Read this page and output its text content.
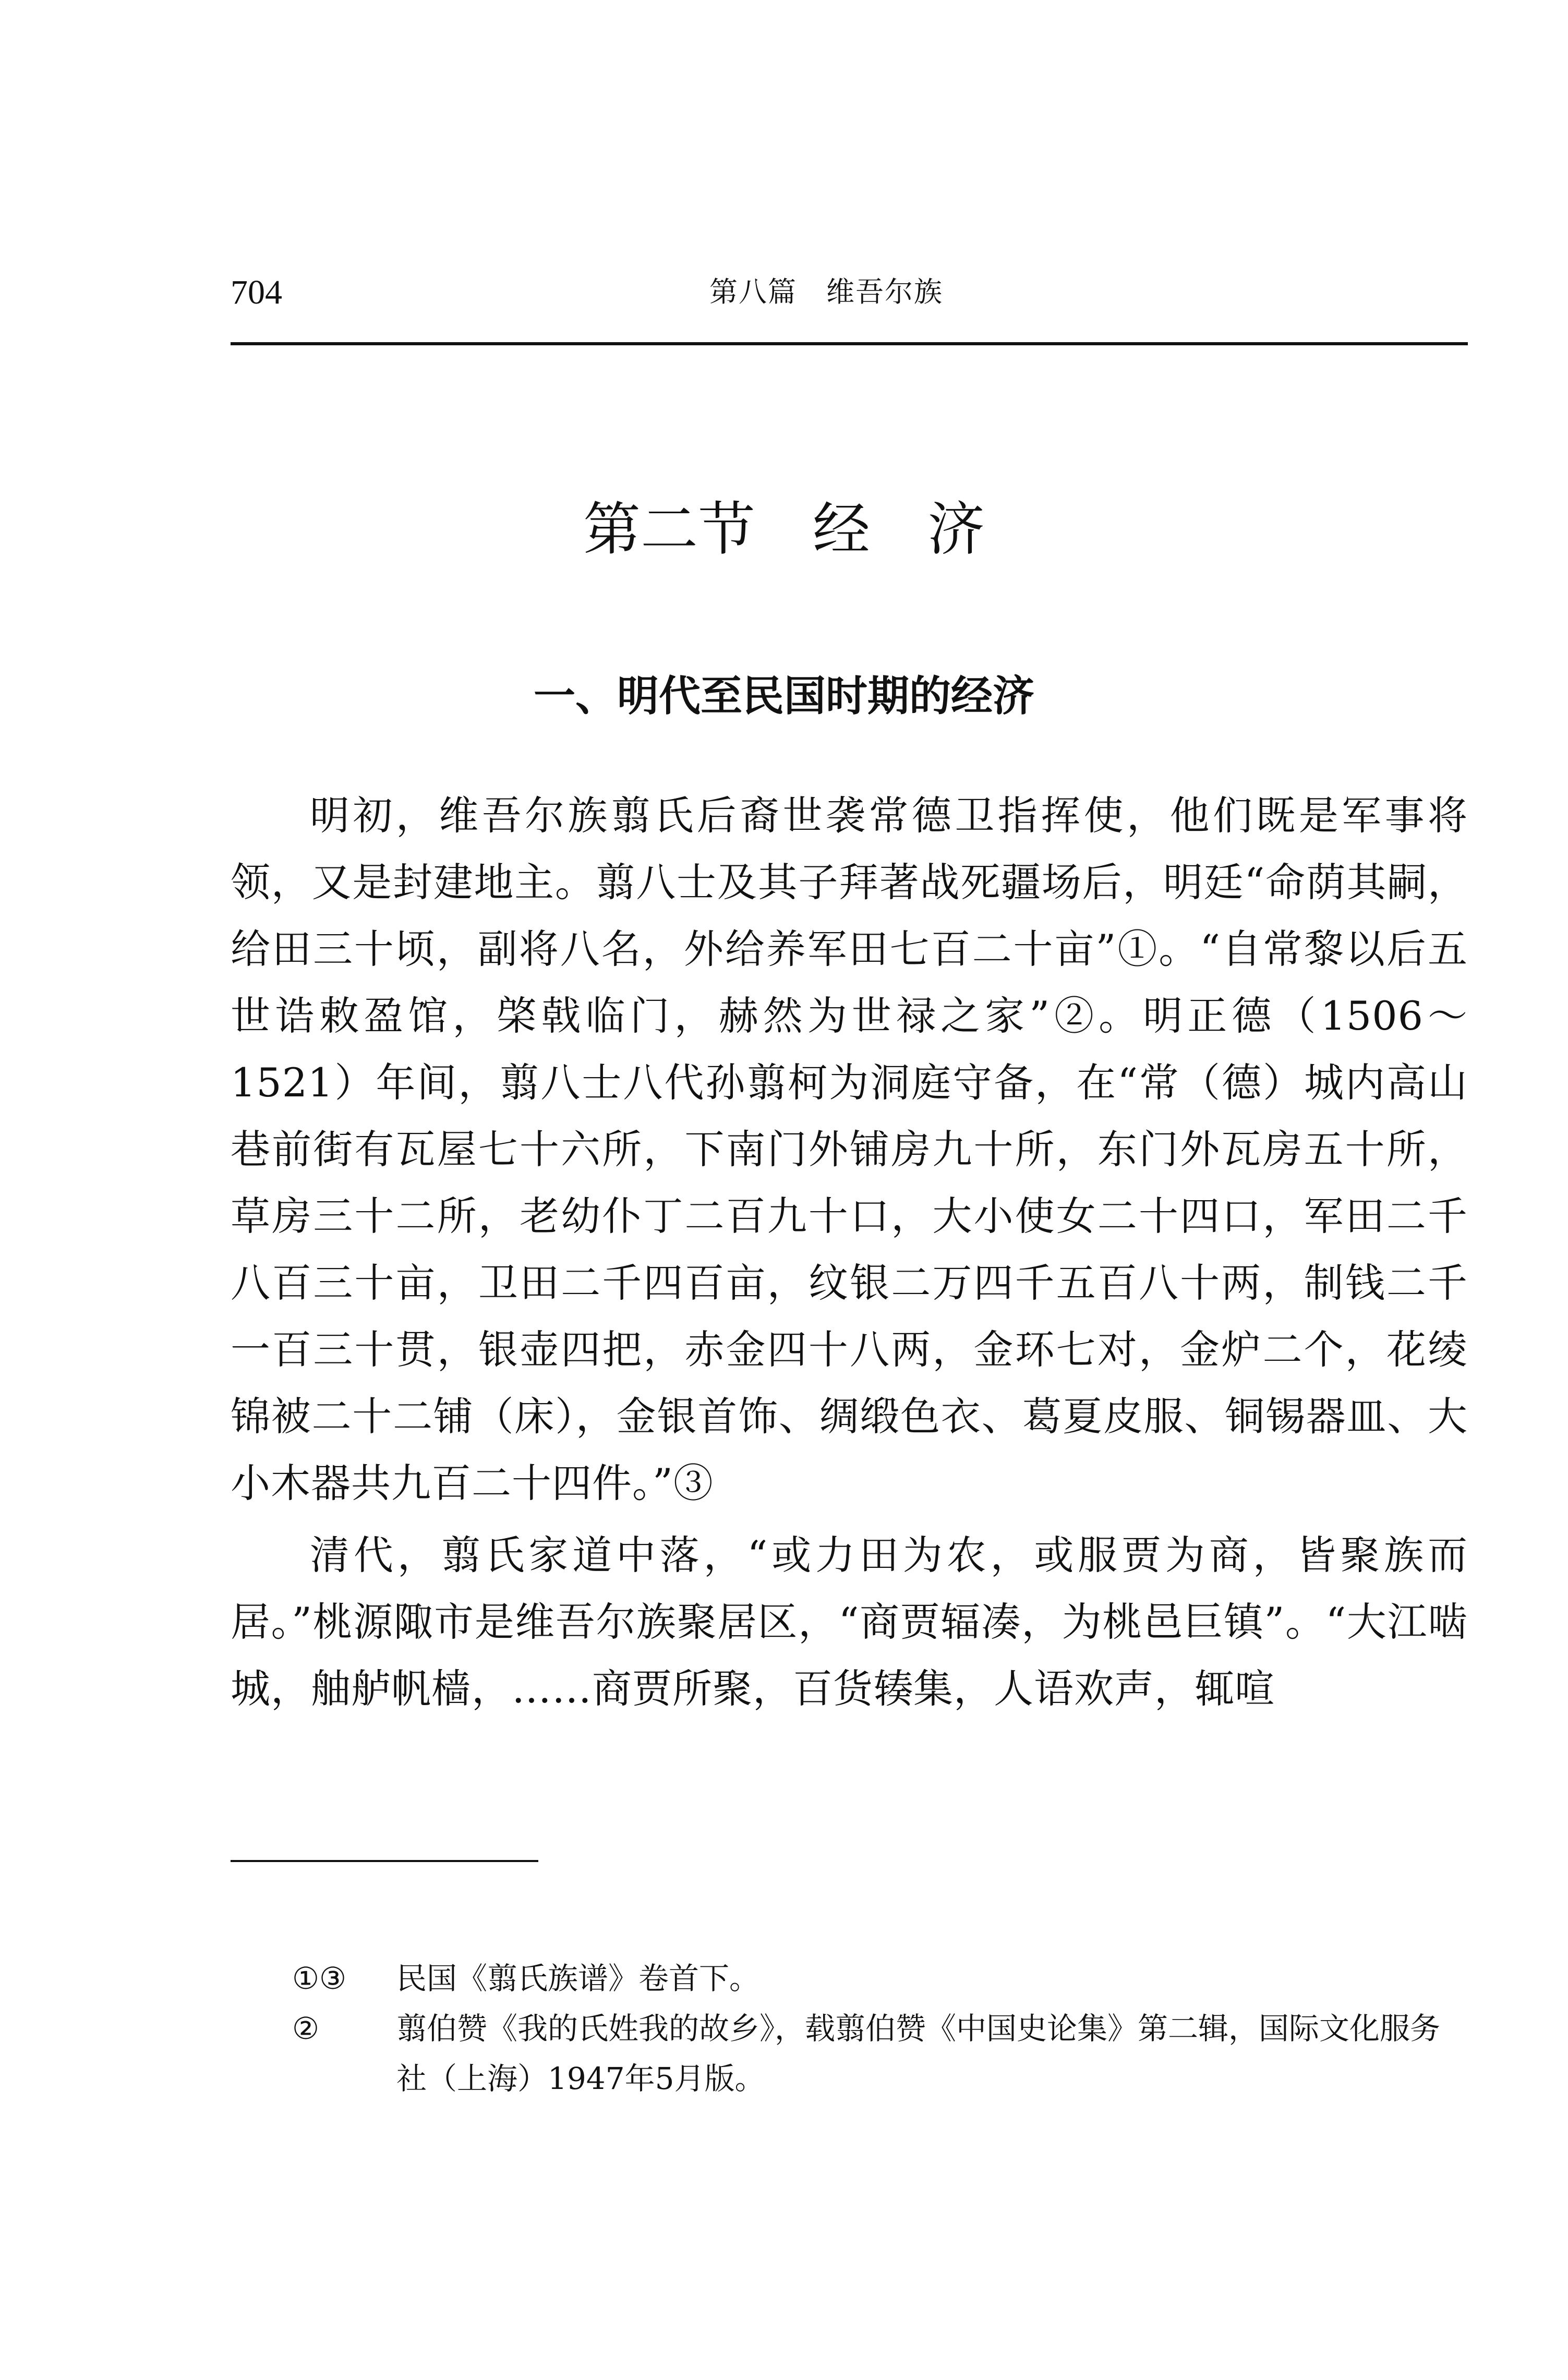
704	第八篇　维吾尔族
第二节　经　济
一、明代至民国时期的经济

明初，维吾尔族翦氏后裔世袭常德卫指挥使，他们既是军事将领，又是封建地主。翦八士及其子拜著战死疆场后，明廷“命荫其嗣，给田三十顷，副将八名，外给养军田七百二十亩”①。“自常黎以后五世诰敕盈馆，棨戟临门，赫然为世禄之家”②。明正德（1506～1521）年间，翦八士八代孙翦柯为洞庭守备，在“常（德）城内高山巷前街有瓦屋七十六所，下南门外铺房九十所，东门外瓦房五十所，草房三十二所，老幼仆丁二百九十口，大小使女二十四口，军田二千八百三十亩，卫田二千四百亩，纹银二万四千五百八十两，制钱二千一百三十贯，银壶四把，赤金四十八两，金环七对，金炉二个，花绫锦被二十二铺（床），金银首饰、绸缎色衣、葛夏皮服、铜锡器皿、大小木器共九百二十四件。”③

清代，翦氏家道中落，“或力田为农，或服贾为商，皆聚族而居。”桃源陬市是维吾尔族聚居区，“商贾辐凑，为桃邑巨镇”。“大江啮城，舳舻帆樯，……商贾所聚，百货辏集，人语欢声，辄喧

①③	民国《翦氏族谱》卷首下。
②	翦伯赞《我的氏姓我的故乡》，载翦伯赞《中国史论集》第二辑，国际文化服务社（上海）1947年5月版。
